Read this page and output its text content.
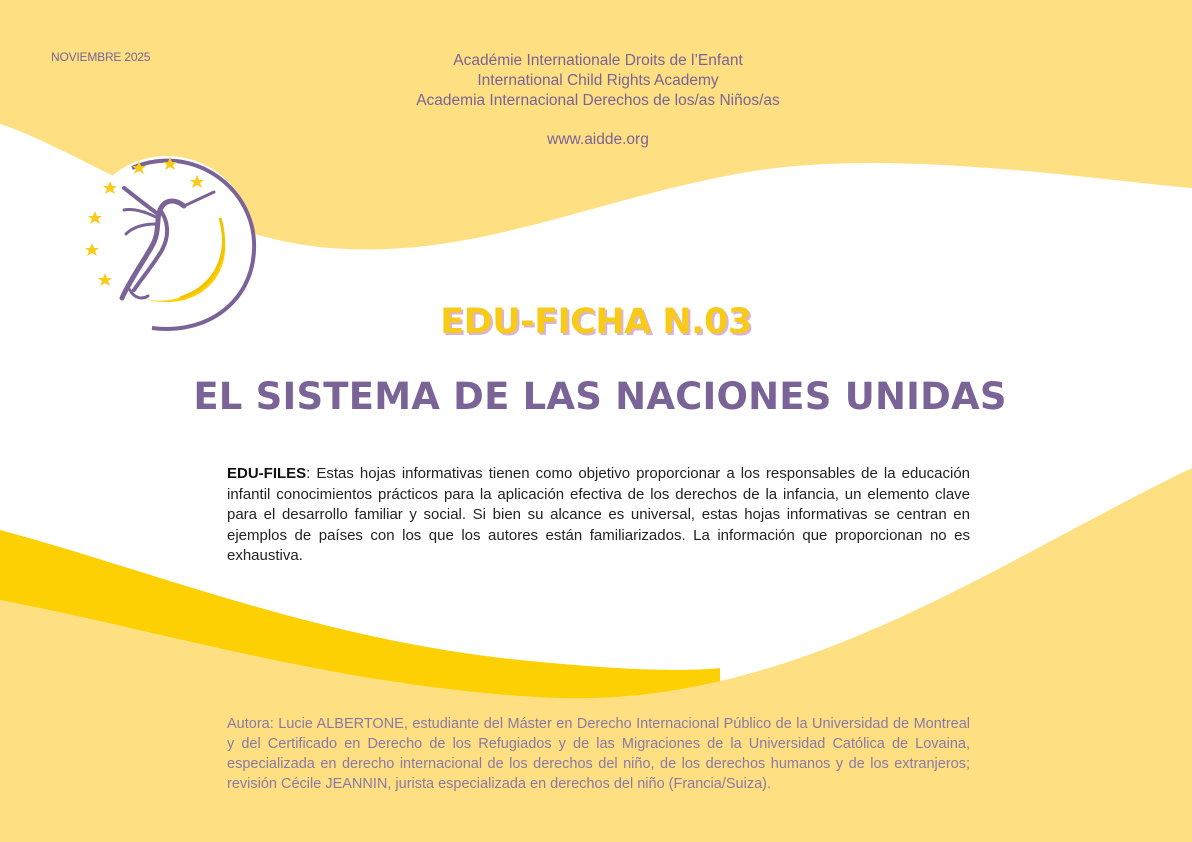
NOVIEMBRE 2025	Académie Internationale Droits de l’Enfant
International Child Rights Academy
Academia Internacional Derechos de los/as Niños/as
www.aidde.org
EDU-FICHA N.03
EL SISTEMA DE LAS NACIONES UNIDAS
EDU-FILES: Estas hojas informativas tienen como objetivo proporcionar a los responsables de la educación infantil conocimientos prácticos para la aplicación efectiva de los derechos de la infancia, un elemento clave para el desarrollo familiar y social. Si bien su alcance es universal, estas hojas informativas se centran en ejemplos de países con los que los autores están familiarizados. La información que proporcionan no es exhaustiva.
Autora: Lucie ALBERTONE, estudiante del Máster en Derecho Internacional Público de la Universidad de Montreal y del Certificado en Derecho de los Refugiados y de las Migraciones de la Universidad Católica de Lovaina, especializada en derecho internacional de los derechos del niño, de los derechos humanos y de los extranjeros; revisión Cécile JEANNIN, jurista especializada en derechos del niño (Francia/Suiza).
